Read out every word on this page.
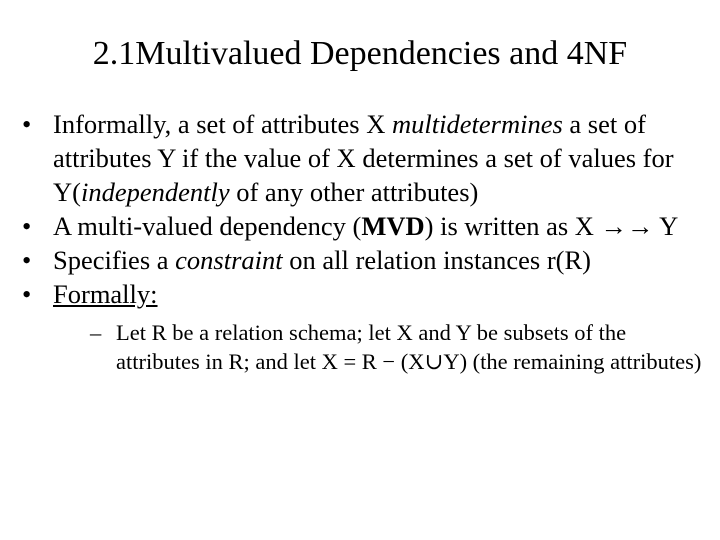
2.1Multivalued Dependencies and 4NF
• Informally, a set of attributes X multidetermines a set of attributes Y if the value of X determines a set of values for Y(independently of any other attributes)
• A multi-valued dependency (MVD) is written as X →→ Y
• Specifies a constraint on all relation instances r(R)
• Formally:
– Let R be a relation schema; let X and Y be subsets of the attributes in R; and let X = R − (X∪Y) (the remaining attributes)
